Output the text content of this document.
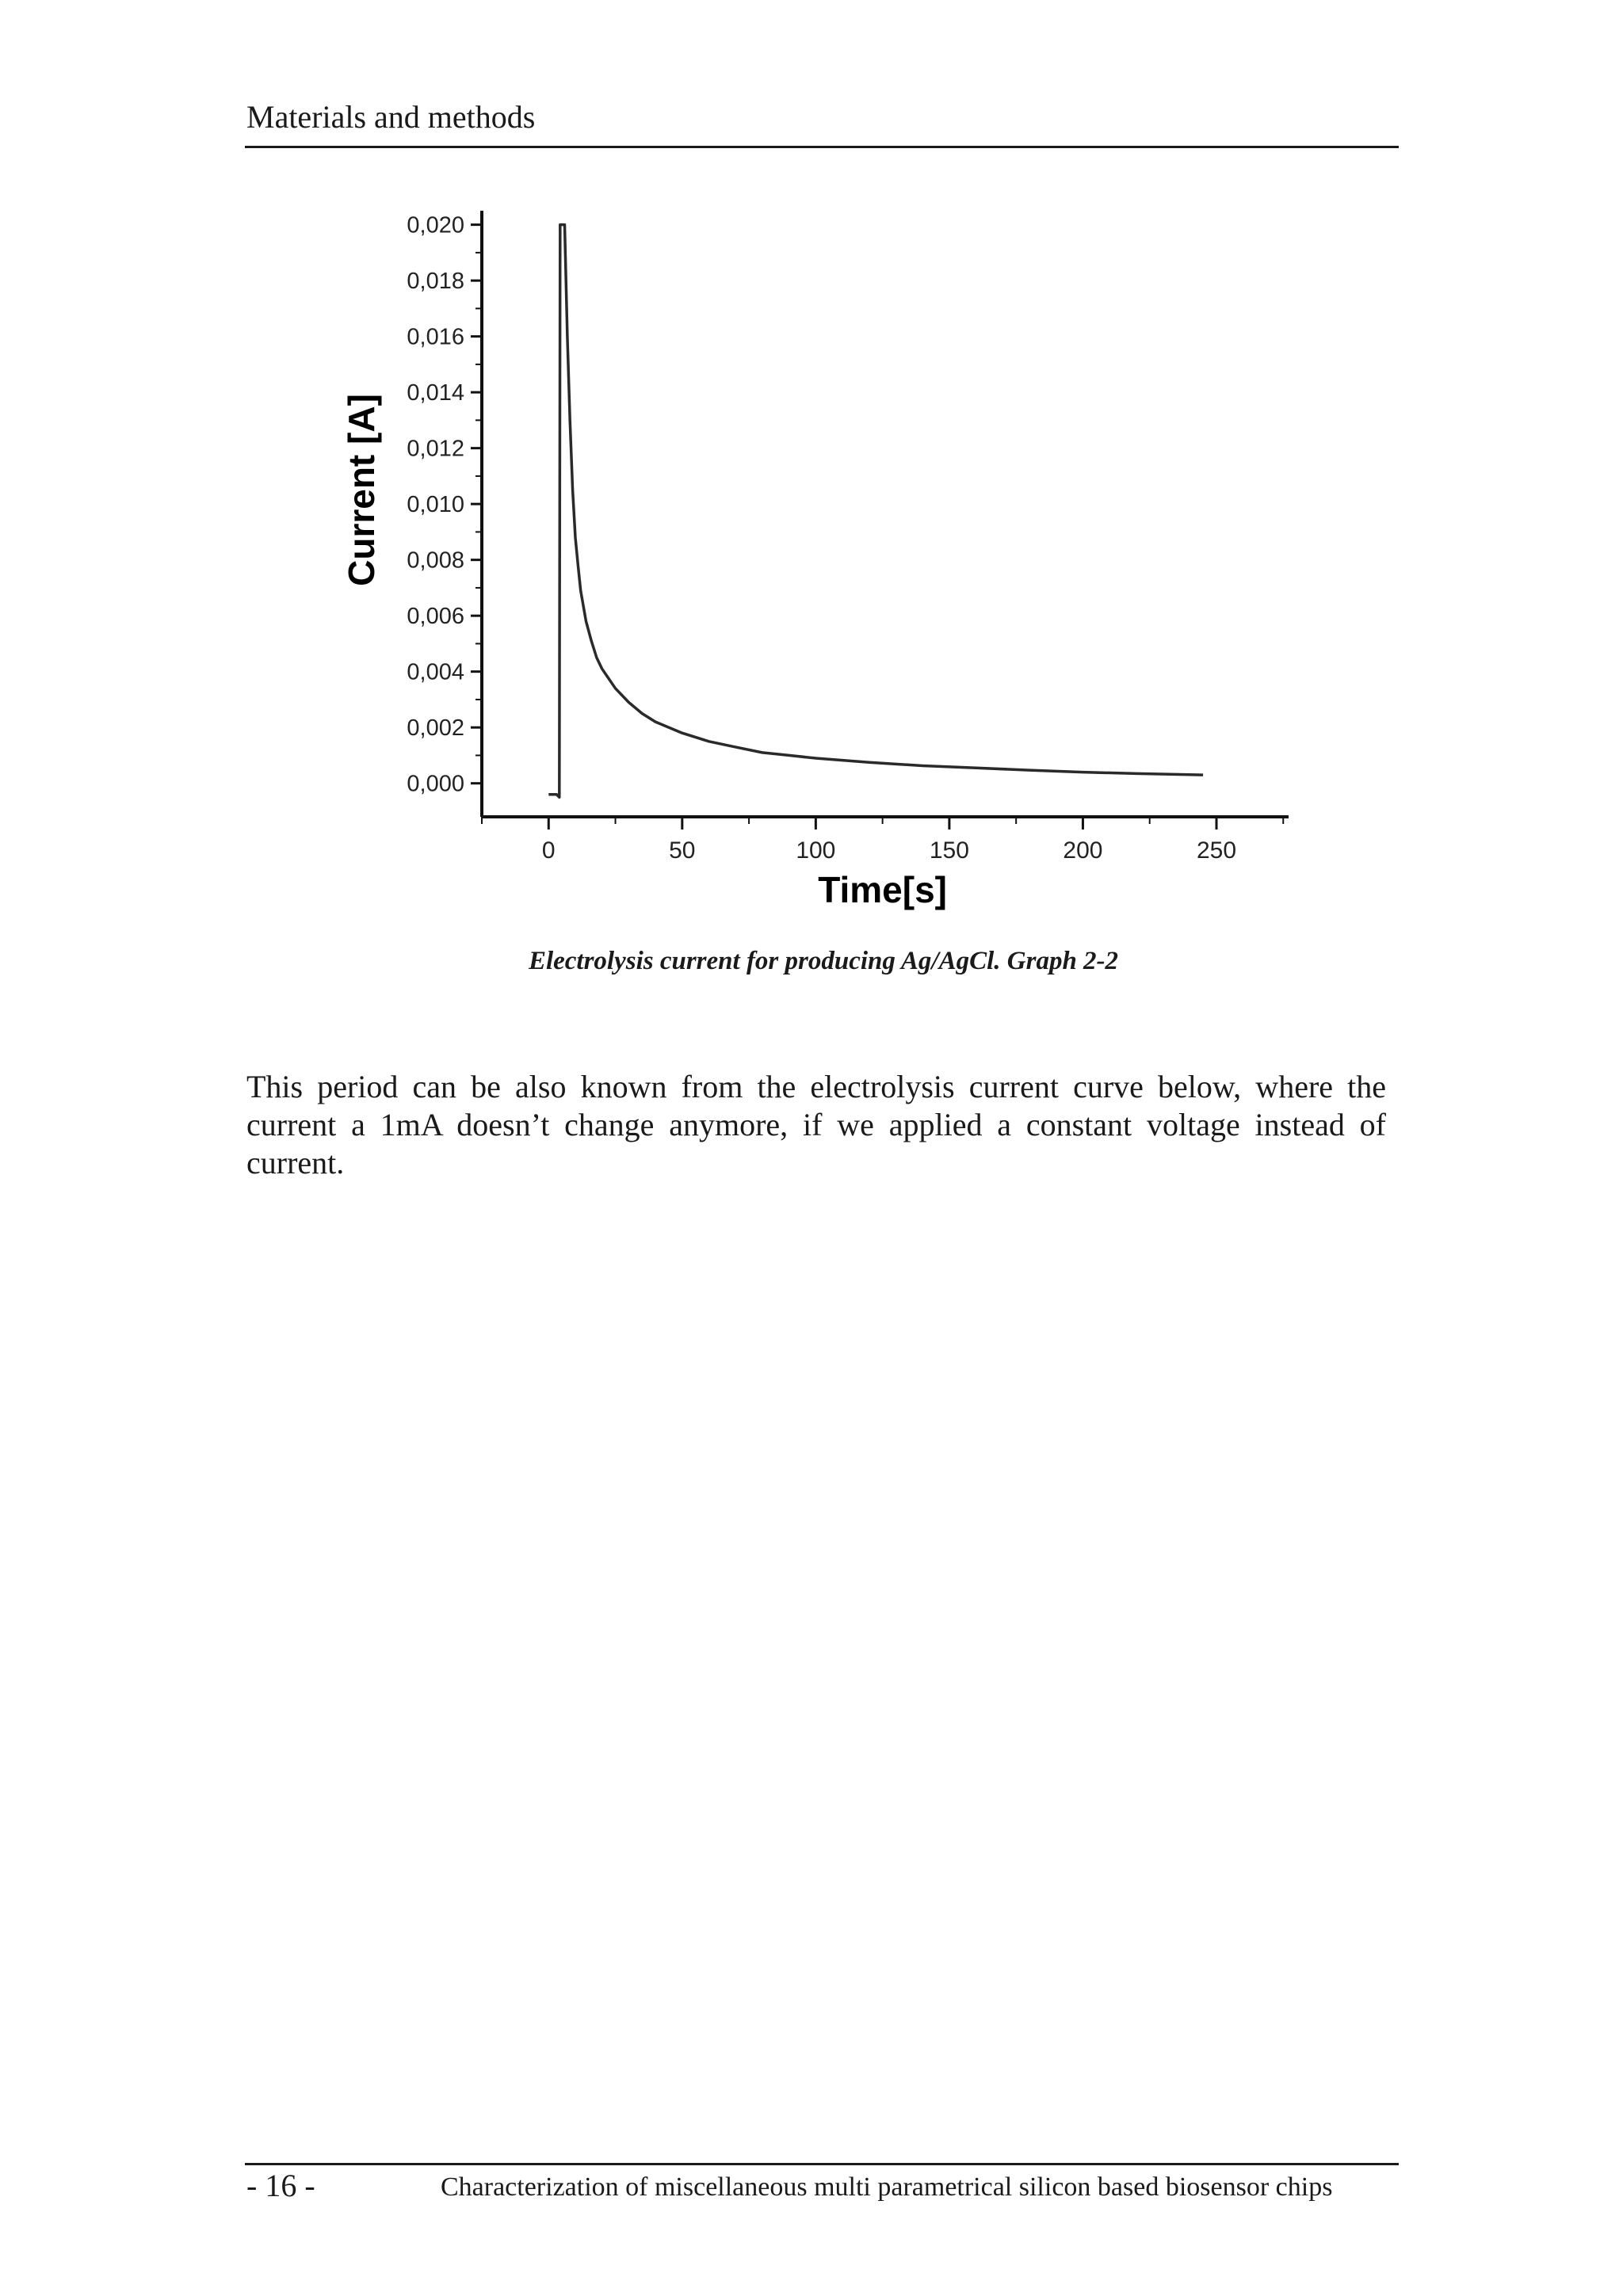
Materials and methods
0	50	100	150	200	250
0,000
0,002
0,004
0,006
0,008
0,010
0,012
0,014
0,016
0,018
0,020
Time[s]
Current [A]
Electrolysis current for producing Ag/AgCl. Graph 2-2

This period can be also known from the electrolysis current curve below, where the current a 1mA doesn’t change anymore, if we applied a constant voltage instead of current.

- 16 -	Characterization of miscellaneous multi parametrical silicon based biosensor chips
